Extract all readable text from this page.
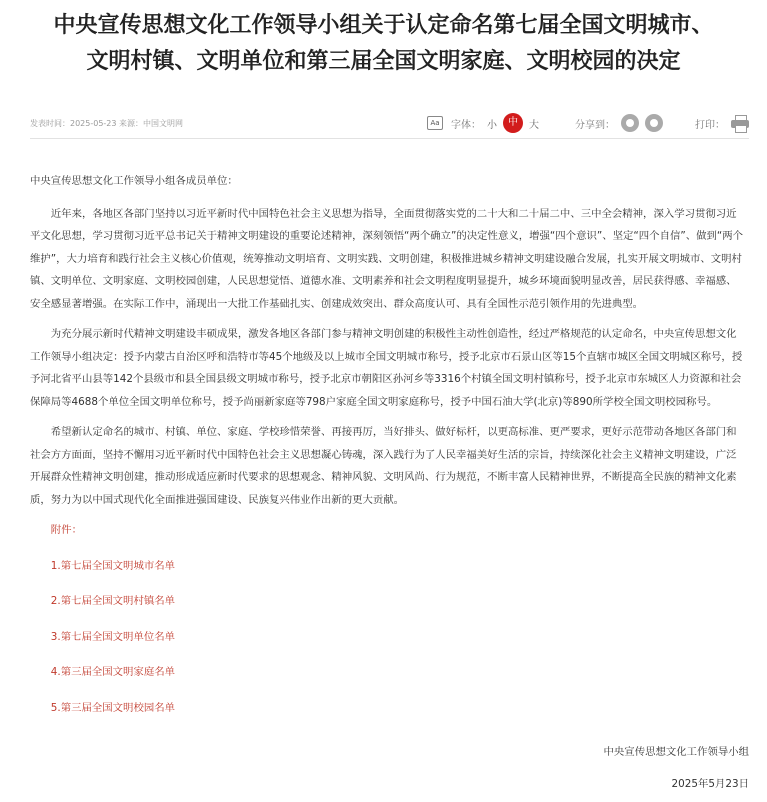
中央宣传思想文化工作领导小组关于认定命名第七届全国文明城市、
文明村镇、文明单位和第三届全国文明家庭、文明校园的决定
发表时间：2025-05-23 来源：中国文明网	Aa	字体： 小	中	大	分享到：	打印：

中央宣传思想文化工作领导小组各成员单位：

近年来，各地区各部门坚持以习近平新时代中国特色社会主义思想为指导，全面贯彻落实党的二十大和二十届二中、三中全会精神，深入学习贯彻习近平文化思想，学习贯彻习近平总书记关于精神文明建设的重要论述精神，深刻领悟“两个确立”的决定性意义，增强“四个意识”、坚定“四个自信”、做到“两个维护”，大力培育和践行社会主义核心价值观，统筹推动文明培育、文明实践、文明创建，积极推进城乡精神文明建设融合发展，扎实开展文明城市、文明村镇、文明单位、文明家庭、文明校园创建，人民思想觉悟、道德水准、文明素养和社会文明程度明显提升，城乡环境面貌明显改善，居民获得感、幸福感、安全感显著增强。在实际工作中，涌现出一大批工作基础扎实、创建成效突出、群众高度认可、具有全国性示范引领作用的先进典型。

为充分展示新时代精神文明建设丰硕成果，激发各地区各部门参与精神文明创建的积极性主动性创造性，经过严格规范的认定命名，中央宣传思想文化工作领导小组决定：授予内蒙古自治区呼和浩特市等45个地级及以上城市全国文明城市称号，授予北京市石景山区等15个直辖市城区全国文明城区称号，授予河北省平山县等142个县级市和县全国县级文明城市称号，授予北京市朝阳区孙河乡等3316个村镇全国文明村镇称号，授予北京市东城区人力资源和社会保障局等4688个单位全国文明单位称号，授予尚丽新家庭等798户家庭全国文明家庭称号，授予中国石油大学(北京)等890所学校全国文明校园称号。

希望新认定命名的城市、村镇、单位、家庭、学校珍惜荣誉、再接再厉，当好排头、做好标杆，以更高标准、更严要求，更好示范带动各地区各部门和社会方方面面，坚持不懈用习近平新时代中国特色社会主义思想凝心铸魂，深入践行为了人民幸福美好生活的宗旨，持续深化社会主义精神文明建设，广泛开展群众性精神文明创建，推动形成适应新时代要求的思想观念、精神风貌、文明风尚、行为规范，不断丰富人民精神世界，不断提高全民族的精神文化素质，努力为以中国式现代化全面推进强国建设、民族复兴伟业作出新的更大贡献。

附件：

1.第七届全国文明城市名单

2.第七届全国文明村镇名单

3.第七届全国文明单位名单

4.第三届全国文明家庭名单

5.第三届全国文明校园名单

中央宣传思想文化工作领导小组
2025年5月23日
